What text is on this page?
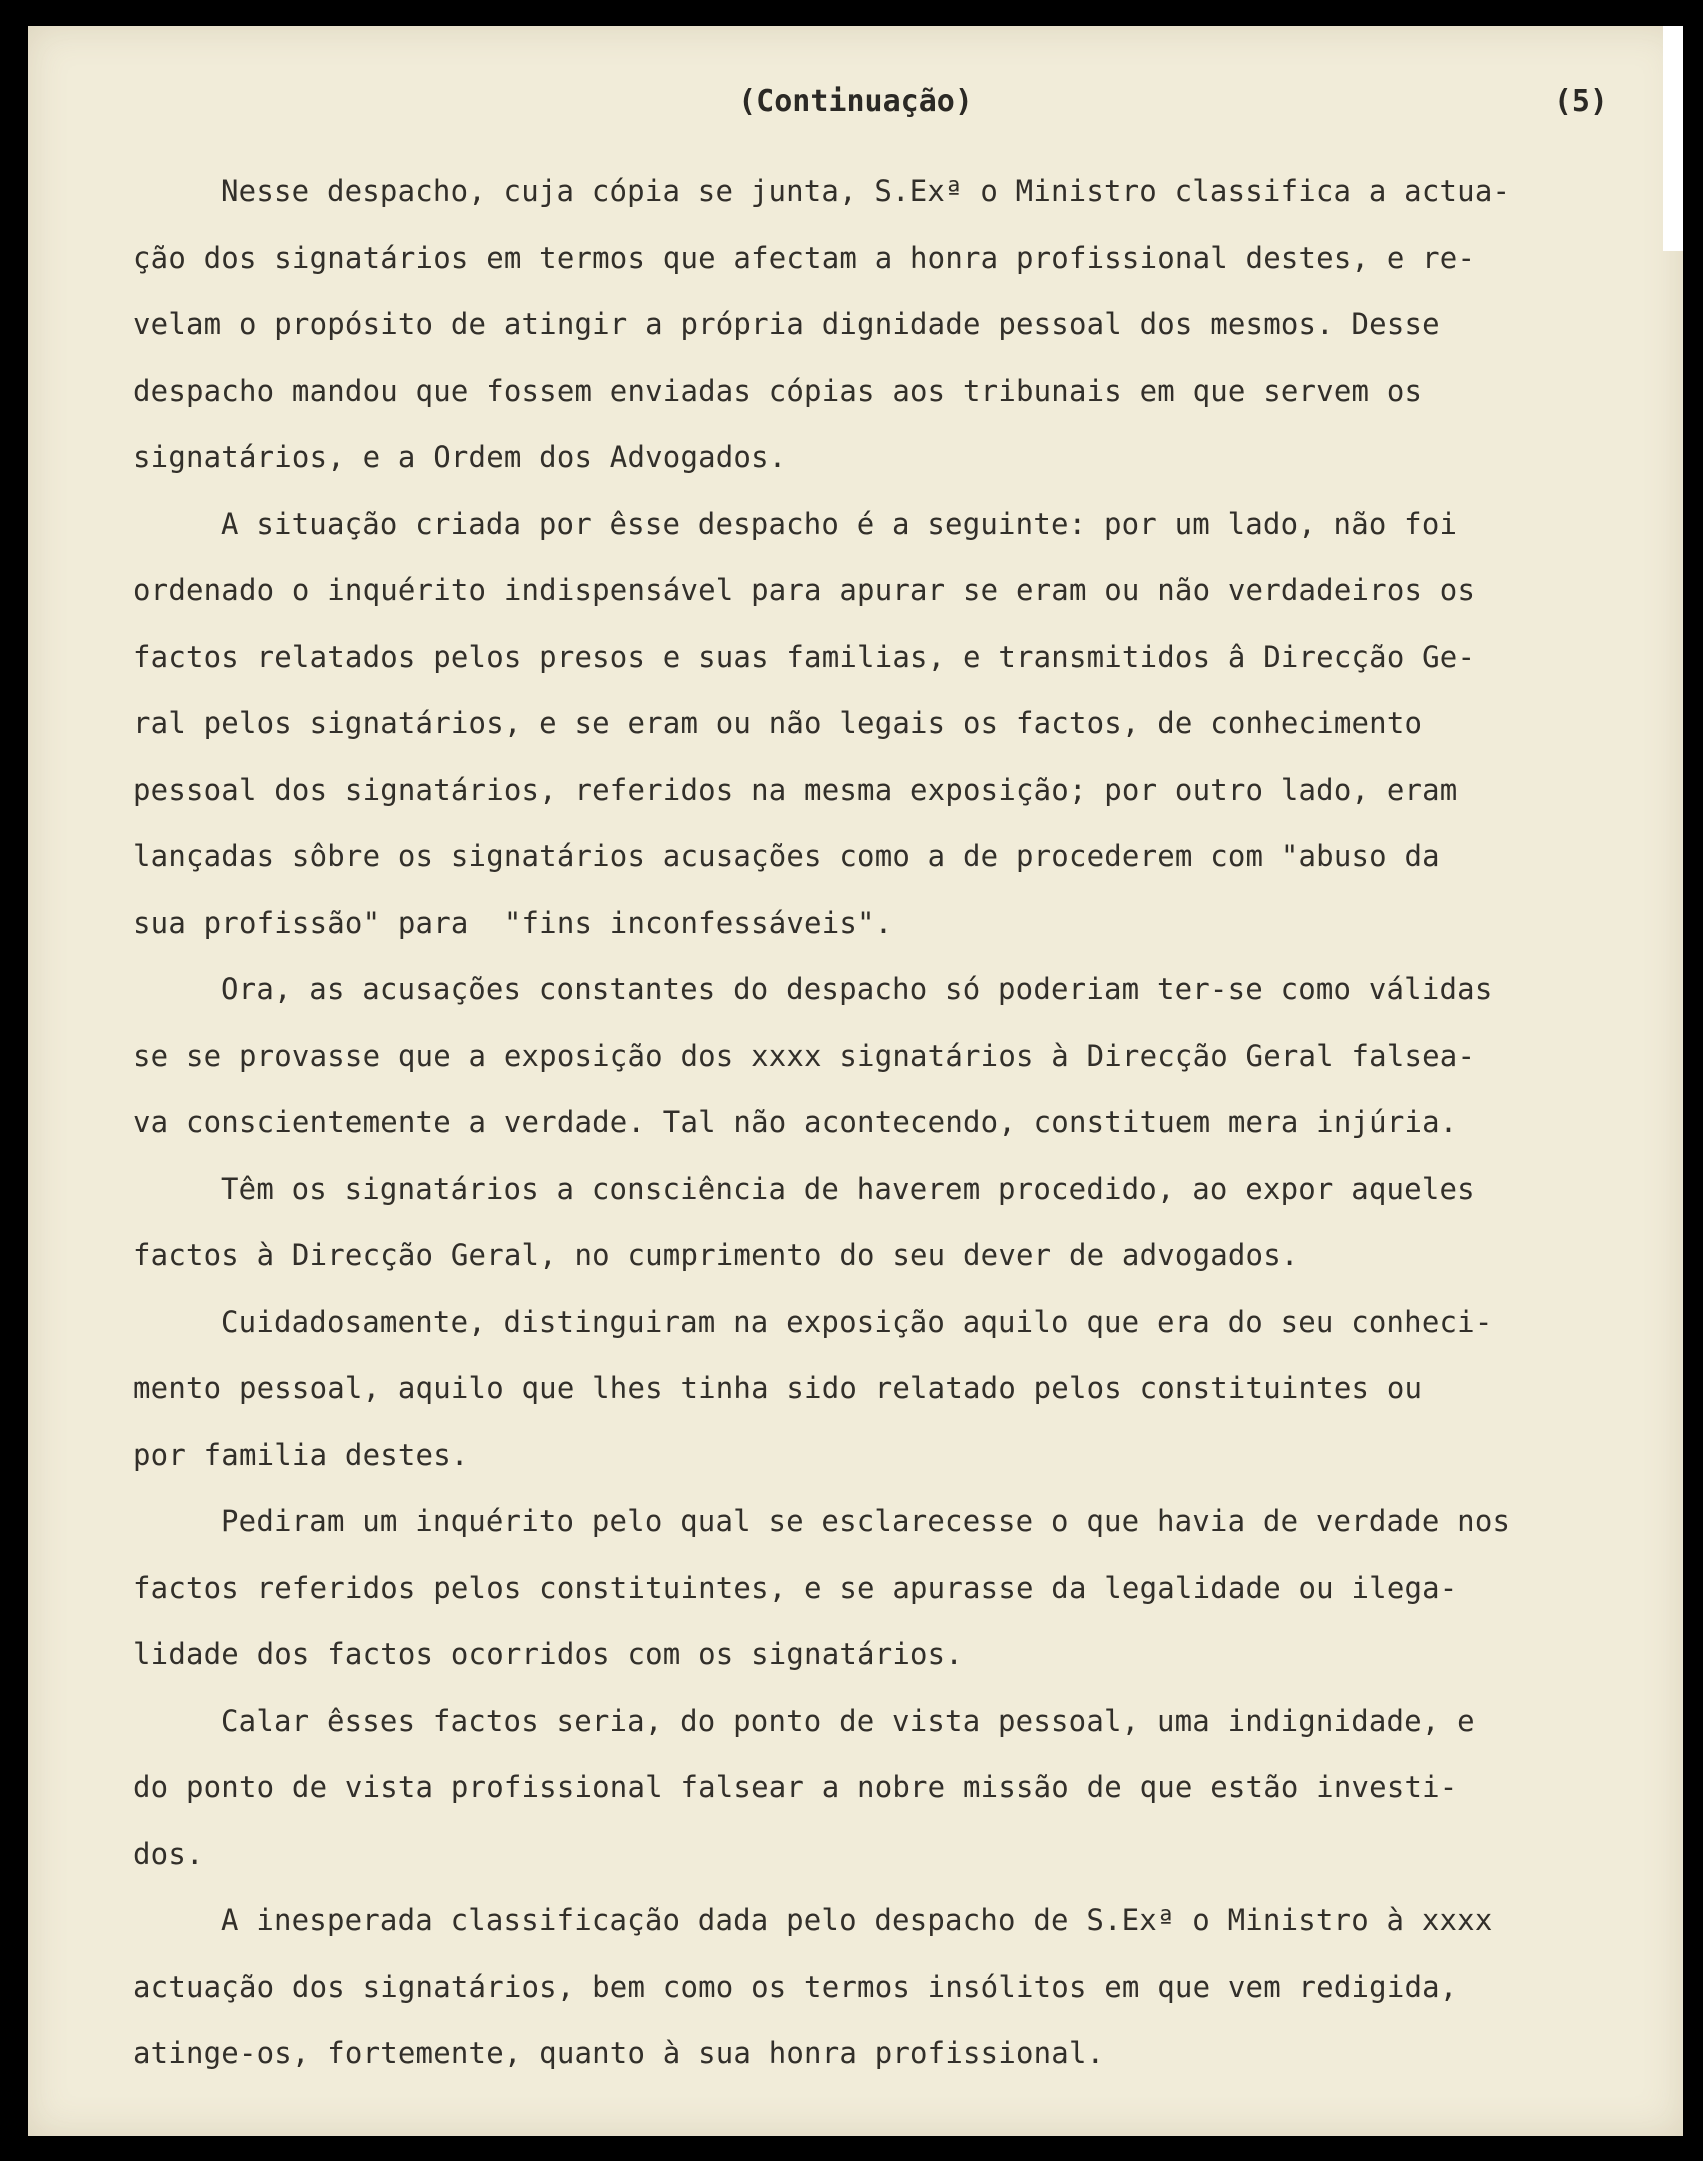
(Continuação)	(5)
Nesse despacho, cuja cópia se junta, S.Exª o Ministro classifica a actua-
ção dos signatários em termos que afectam a honra profissional destes, e re-
velam o propósito de atingir a própria dignidade pessoal dos mesmos. Desse
despacho mandou que fossem enviadas cópias aos tribunais em que servem os
signatários, e a Ordem dos Advogados.
A situação criada por êsse despacho é a seguinte: por um lado, não foi
ordenado o inquérito indispensável para apurar se eram ou não verdadeiros os
factos relatados pelos presos e suas familias, e transmitidos â Direcção Ge-
ral pelos signatários, e se eram ou não legais os factos, de conhecimento
pessoal dos signatários, referidos na mesma exposição; por outro lado, eram
lançadas sôbre os signatários acusações como a de procederem com "abuso da
sua profissão" para  "fins inconfessáveis".
Ora, as acusações constantes do despacho só poderiam ter-se como válidas
se se provasse que a exposição dos xxxx signatários à Direcção Geral falsea-
va conscientemente a verdade. Tal não acontecendo, constituem mera injúria.
Têm os signatários a consciência de haverem procedido, ao expor aqueles
factos à Direcção Geral, no cumprimento do seu dever de advogados.
Cuidadosamente, distinguiram na exposição aquilo que era do seu conheci-
mento pessoal, aquilo que lhes tinha sido relatado pelos constituintes ou
por familia destes.
Pediram um inquérito pelo qual se esclarecesse o que havia de verdade nos
factos referidos pelos constituintes, e se apurasse da legalidade ou ilega-
lidade dos factos ocorridos com os signatários.
Calar êsses factos seria, do ponto de vista pessoal, uma indignidade, e
do ponto de vista profissional falsear a nobre missão de que estão investi-
dos.
A inesperada classificação dada pelo despacho de S.Exª o Ministro à xxxx
actuação dos signatários, bem como os termos insólitos em que vem redigida,
atinge-os, fortemente, quanto à sua honra profissional.
